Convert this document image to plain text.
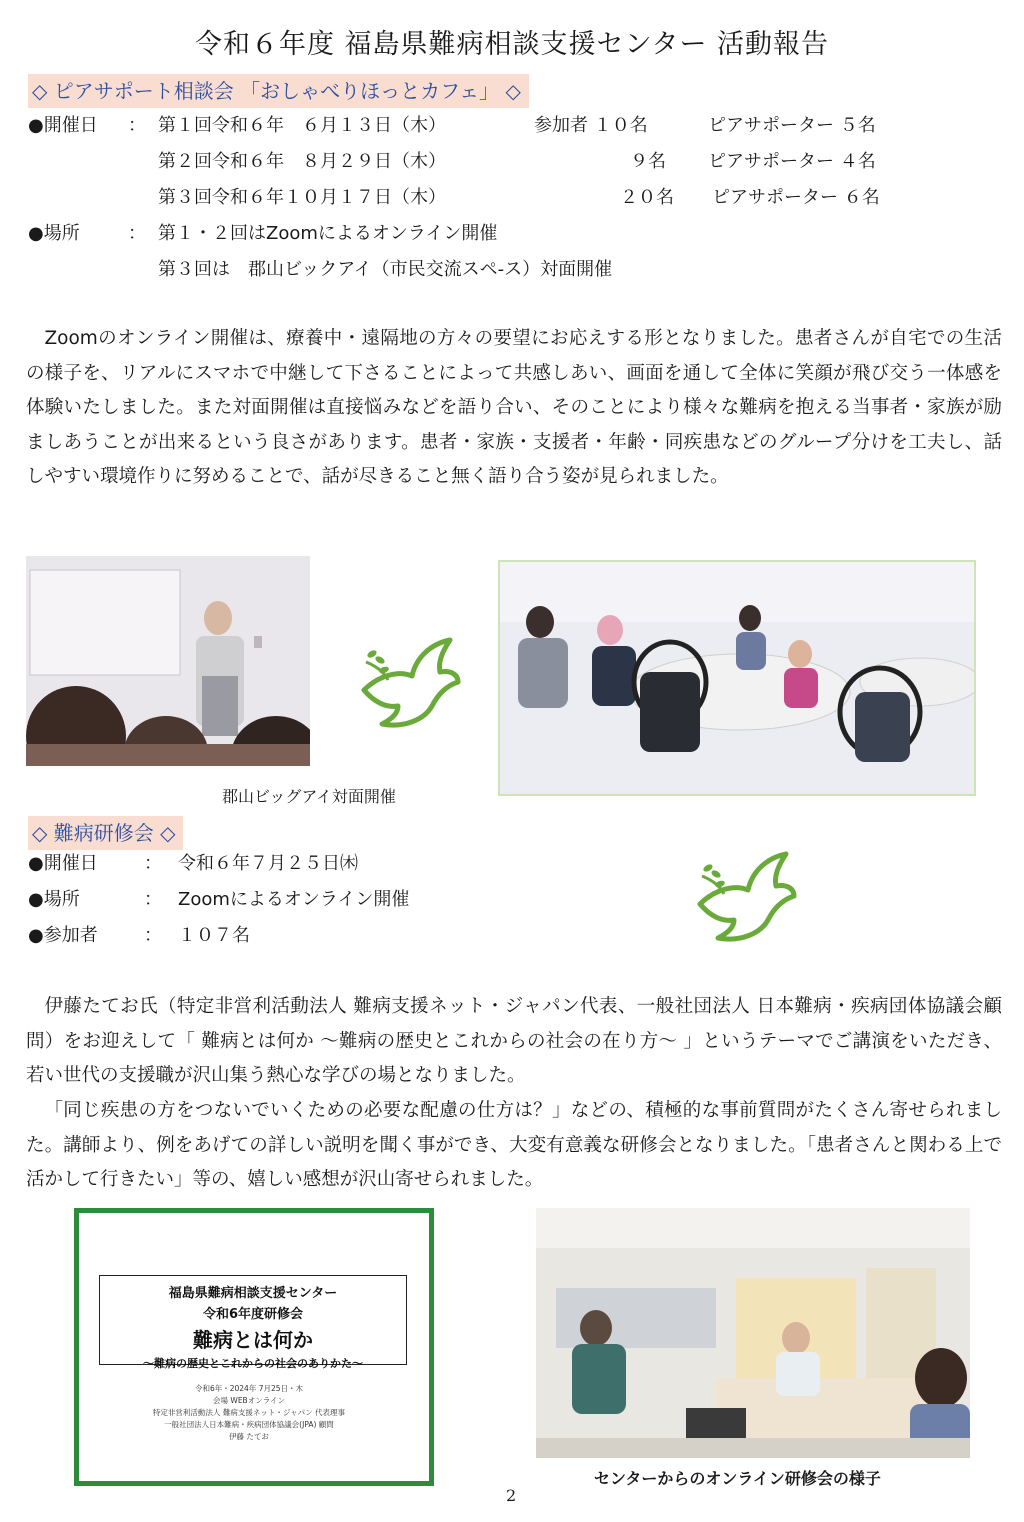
令和６年度 福島県難病相談支援センター 活動報告
◇ ピアサポート相談会 「おしゃべりほっとカフェ」 ◇
●開催日 ： 第１回令和６年　６月１３日（木）	参加者 １０名	ピアサポーター ５名
第２回令和６年　８月２９日（木）	９名 ピアサポーター ４名
第３回令和６年１０月１７日（木）	２０名 ピアサポーター ６名
●場所	： 第１・２回はZoomによるオンライン開催
第３回は　郡山ビックアイ（市民交流スペ-ス）対面開催
Zoomのオンライン開催は、療養中・遠隔地の方々の要望にお応えする形となりました。患者さんが自宅での生活の様子を、リアルにスマホで中継して下さることによって共感しあい、画面を通して全体に笑顔が飛び交う一体感を体験いたしました。また対面開催は直接悩みなどを語り合い、そのことにより様々な難病を抱える当事者・家族が励ましあうことが出来るという良さがあります。患者・家族・支援者・年齢・同疾患などのグループ分けを工夫し、話しやすい環境作りに努めることで、話が尽きること無く語り合う姿が見られました。
郡山ビッグアイ対面開催
◇ 難病研修会 ◇
●開催日	： 令和６年７月２５日㈭
●場所	： Zoomによるオンライン開催
●参加者	： １０７名
伊藤たてお氏（特定非営利活動法人 難病支援ネット・ジャパン代表、一般社団法人 日本難病・疾病団体協議会顧問）をお迎えして「 難病とは何か ～難病の歴史とこれからの社会の在り方～ 」というテーマでご講演をいただき、若い世代の支援職が沢山集う熱心な学びの場となりました。
「同じ疾患の方をつないでいくための必要な配慮の仕方は？」などの、積極的な事前質問がたくさん寄せられました。講師より、例をあげての詳しい説明を聞く事ができ、大変有意義な研修会となりました。「患者さんと関わる上で活かして行きたい」等の、嬉しい感想が沢山寄せられました。
福島県難病相談支援センター
令和6年度研修会
難病とは何か
～難病の歴史とこれからの社会のありかた～
令和6年・2024年 7月25日・木
会場 WEBオンライン
特定非営利活動法人 難病支援ネット・ジャパン 代表理事
一般社団法人日本難病・疾病団体協議会(JPA) 顧問
伊藤 たてお
センターからのオンライン研修会の様子
2
